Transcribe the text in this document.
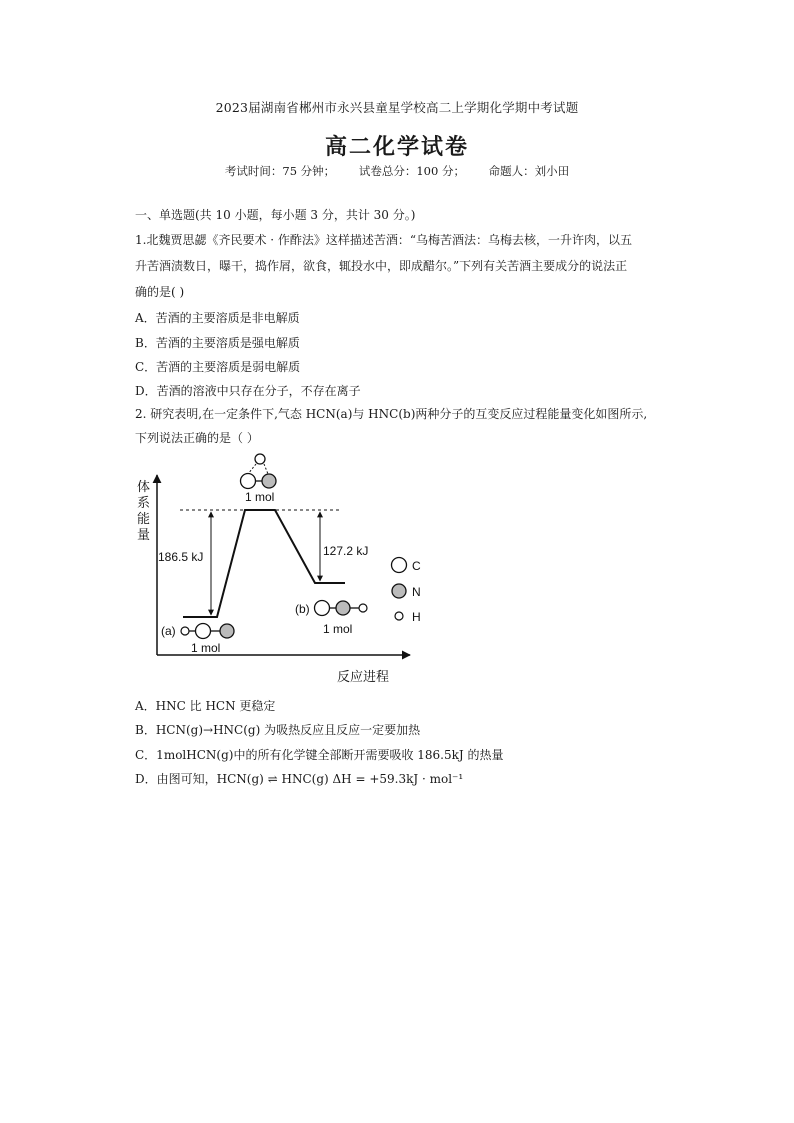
2023届湖南省郴州市永兴县童星学校高二上学期化学期中考试题
高二化学试卷
考试时间：75 分钟； 试卷总分：100 分； 命题人：刘小田
一、单选题(共 10 小题，每小题 3 分，共计 30 分。)
1.北魏贾思勰《齐民要术 · 作酢法》这样描述苦酒：“乌梅苦酒法：乌梅去核，一升许肉，以五
升苦酒渍数日，曝干，捣作屑，欲食，辄投水中，即成醋尔。”下列有关苦酒主要成分的说法正
确的是( )
A．苦酒的主要溶质是非电解质
B．苦酒的主要溶质是强电解质
C．苦酒的主要溶质是弱电解质
D．苦酒的溶液中只存在分子，不存在离子
2. 研究表明,在一定条件下,气态 HCN(a)与 HNC(b)两种分子的互变反应过程能量变化如图所示,
下列说法正确的是（ ）
体
系
能
量
反应进程
186.5 kJ	127.2 kJ
1 mol
(a)
1 mol
(b)
1 mol
C
N
H
A．HNC 比 HCN 更稳定
B．HCN(g)→HNC(g) 为吸热反应且反应一定要加热
C．1molHCN(g)中的所有化学键全部断开需要吸收 186.5kJ 的热量
D．由图可知，HCN(g) ⇌ HNC(g) ΔH = +59.3kJ · mol⁻¹
